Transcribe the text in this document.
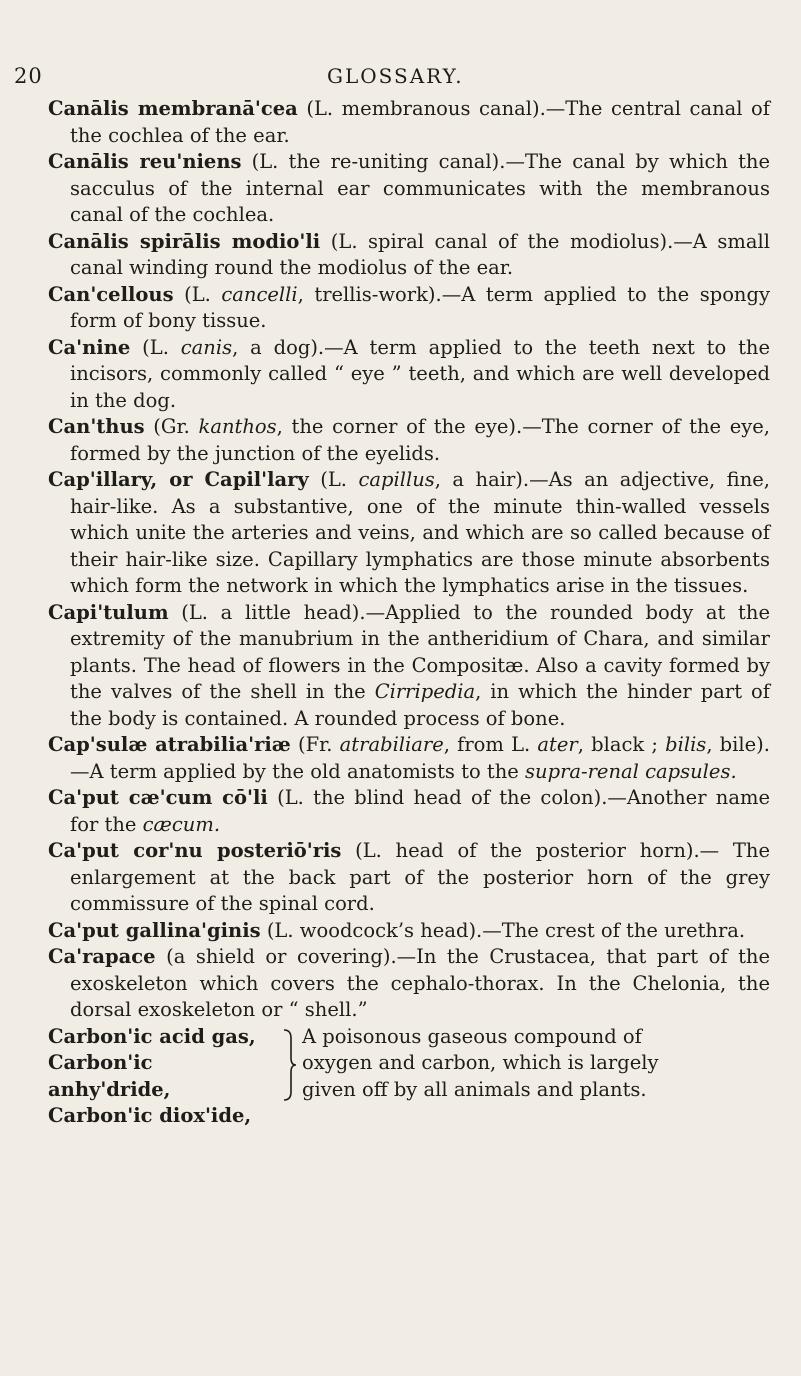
20	GLOSSARY.

Canālis membranā'cea (L. membranous canal).—The central canal of the cochlea of the ear.

Canālis reu'niens (L. the re-uniting canal).—The canal by which the sacculus of the internal ear communicates with the membranous canal of the cochlea.

Canālis spirālis modio'li (L. spiral canal of the modiolus).—A small canal winding round the modiolus of the ear.

Can'cellous (L. cancelli, trellis-work).—A term applied to the spongy form of bony tissue.

Ca'nine (L. canis, a dog).—A term applied to the teeth next to the incisors, commonly called “ eye ” teeth, and which are well developed in the dog.

Can'thus (Gr. kanthos, the corner of the eye).—The corner of the eye, formed by the junction of the eyelids.

Cap'illary, or Capil'lary (L. capillus, a hair).—As an adjective, fine, hair-like. As a substantive, one of the minute thin-walled vessels which unite the arteries and veins, and which are so called because of their hair-like size. Capillary lymphatics are those minute absorbents which form the network in which the lymphatics arise in the tissues.

Capi'tulum (L. a little head).—Applied to the rounded body at the extremity of the manubrium in the antheridium of Chara, and similar plants. The head of flowers in the Compositæ. Also a cavity formed by the valves of the shell in the Cirripedia, in which the hinder part of the body is contained. A rounded process of bone.

Cap'sulæ atrabilia'riæ (Fr. atrabiliare, from L. ater, black ; bilis, bile).—A term applied by the old anatomists to the supra-renal capsules.

Ca'put cæ'cum cō'li (L. the blind head of the colon).—Another name for the cæcum.

Ca'put cor'nu posteriō'ris (L. head of the posterior horn).— The enlargement at the back part of the posterior horn of the grey commissure of the spinal cord.

Ca'put gallina'ginis (L. woodcock’s head).—The crest of the urethra.

Ca'rapace (a shield or covering).—In the Crustacea, that part of the exoskeleton which covers the cephalo-thorax. In the Chelonia, the dorsal exoskeleton or “ shell.”

Carbon'ic acid gas,
Carbon'ic anhy'dride,
Carbon'ic diox'ide,
A poisonous gaseous compound of
oxygen and carbon, which is largely
given off by all animals and plants.
